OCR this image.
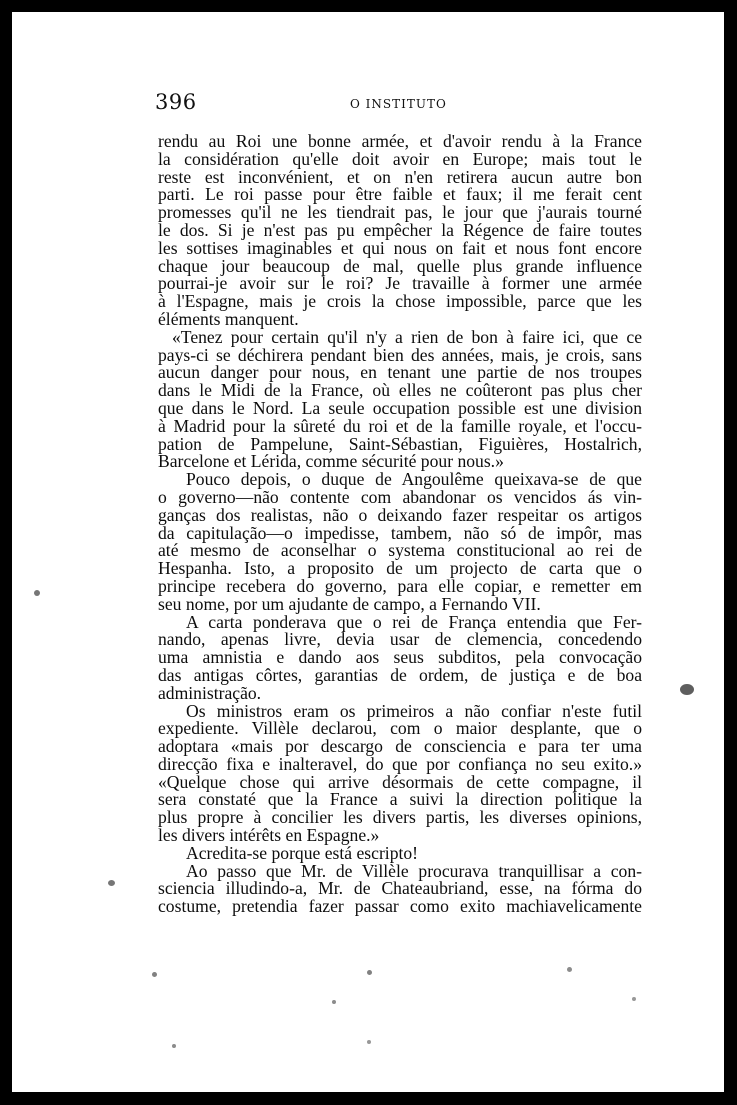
396	O INSTITUTO
rendu au Roi une bonne armée, et d'avoir rendu à la France
la considération qu'elle doit avoir en Europe; mais tout le
reste est inconvénient, et on n'en retirera aucun autre bon
parti. Le roi passe pour être faible et faux; il me ferait cent
promesses qu'il ne les tiendrait pas, le jour que j'aurais tourné
le dos. Si je n'est pas pu empêcher la Régence de faire toutes
les sottises imaginables et qui nous on fait et nous font encore
chaque jour beaucoup de mal, quelle plus grande influence
pourrai-je avoir sur le roi? Je travaille à former une armée
à l'Espagne, mais je crois la chose impossible, parce que les
éléments manquent.
«Tenez pour certain qu'il n'y a rien de bon à faire ici, que ce
pays-ci se déchirera pendant bien des années, mais, je crois, sans
aucun danger pour nous, en tenant une partie de nos troupes
dans le Midi de la France, où elles ne coûteront pas plus cher
que dans le Nord. La seule occupation possible est une division
à Madrid pour la sûreté du roi et de la famille royale, et l'occu-
pation de Pampelune, Saint-Sébastian, Figuières, Hostalrich,
Barcelone et Lérida, comme sécurité pour nous.»
Pouco depois, o duque de Angoulême queixava-se de que
o governo—não contente com abandonar os vencidos ás vin-
ganças dos realistas, não o deixando fazer respeitar os artigos
da capitulação—o impedisse, tambem, não só de impôr, mas
até mesmo de aconselhar o systema constitucional ao rei de
Hespanha. Isto, a proposito de um projecto de carta que o
principe recebera do governo, para elle copiar, e remetter em
seu nome, por um ajudante de campo, a Fernando VII.
A carta ponderava que o rei de França entendia que Fer-
nando, apenas livre, devia usar de clemencia, concedendo
uma amnistia e dando aos seus subditos, pela convocação
das antigas côrtes, garantias de ordem, de justiça e de boa
administração.
Os ministros eram os primeiros a não confiar n'este futil
expediente. Villèle declarou, com o maior desplante, que o
adoptara «mais por descargo de consciencia e para ter uma
direcção fixa e inalteravel, do que por confiança no seu exito.»
«Quelque chose qui arrive désormais de cette compagne, il
sera constaté que la France a suivi la direction politique la
plus propre à concilier les divers partis, les diverses opinions,
les divers intérêts en Espagne.»
Acredita-se porque está escripto!
Ao passo que Mr. de Villèle procurava tranquillisar a con-
sciencia illudindo-a, Mr. de Chateaubriand, esse, na fórma do
costume, pretendia fazer passar como exito machiavelicamente
